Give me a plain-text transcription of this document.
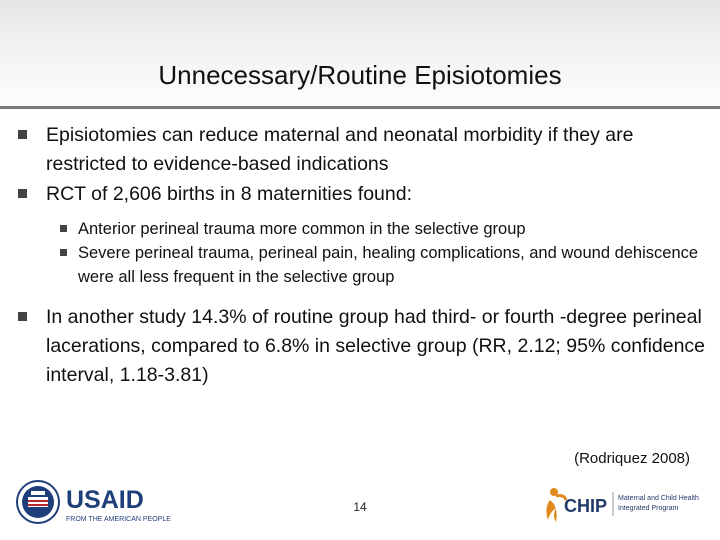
Unnecessary/Routine Episiotomies
Episiotomies can reduce maternal and neonatal morbidity if they are restricted to evidence-based indications
RCT of 2,606 births in 8 maternities found:
Anterior perineal trauma more common in the selective group
Severe perineal trauma, perineal pain, healing complications, and wound dehiscence were all less frequent in the selective group
In another study 14.3% of routine group had third- or fourth -degree perineal lacerations, compared to 6.8% in selective group (RR, 2.12; 95% confidence interval, 1.18-3.81)
(Rodriquez 2008)
14
USAID
FROM THE AMERICAN PEOPLE
CHIP Maternal and Child Health
Integrated Program
